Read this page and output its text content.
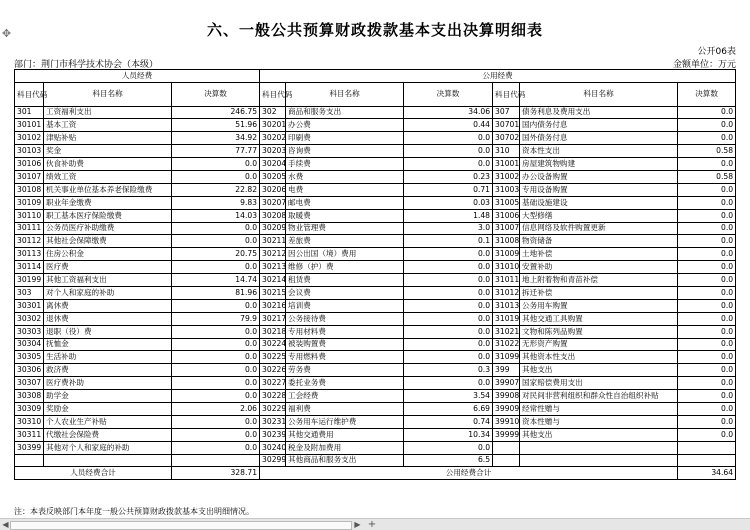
✥	六、一般公共预算财政拨款基本支出决算明细表
公开06表
部门：荆门市科学技术协会（本级）	金额单位：万元
人员经费			公用经费					
科目代码	科目名称	决算数	科目代码	科目名称	决算数	科目代码	科目名称	决算数
301	工资福利支出	246.75	302	商品和服务支出	34.06	307	债务利息及费用支出	0.0
30101	基本工资	51.96	30201	办公费	0.44	30701	国内债务付息	0.0
30102	津贴补贴	34.92	30202	印刷费	0.0	30702	国外债务付息	0.0
30103	奖金	77.77	30203	咨询费	0.0	310	资本性支出	0.58
30106	伙食补助费	0.0	30204	手续费	0.0	31001	房屋建筑物购建	0.0
30107	绩效工资	0.0	30205	水费	0.23	31002	办公设备购置	0.58
30108	机关事业单位基本养老保险缴费	22.82	30206	电费	0.71	31003	专用设备购置	0.0
30109	职业年金缴费	9.83	30207	邮电费	0.03	31005	基础设施建设	0.0
30110	职工基本医疗保险缴费	14.03	30208	取暖费	1.48	31006	大型修缮	0.0
30111	公务员医疗补助缴费	0.0	30209	物业管理费	3.0	31007	信息网络及软件购置更新	0.0
30112	其他社会保障缴费	0.0	30211	差旅费	0.1	31008	物资储备	0.0
30113	住房公积金	20.75	30212	因公出国（境）费用	0.0	31009	土地补偿	0.0
30114	医疗费	0.0	30213	维修（护）费	0.0	31010	安置补助	0.0
30199	其他工资福利支出	14.74	30214	租赁费	0.0	31011	地上附着物和青苗补偿	0.0
303	对个人和家庭的补助	81.96	30215	会议费	0.0	31012	拆迁补偿	0.0
30301	离休费	0.0	30216	培训费	0.0	31013	公务用车购置	0.0
30302	退休费	79.9	30217	公务接待费	0.0	31019	其他交通工具购置	0.0
30303	退职（役）费	0.0	30218	专用材料费	0.0	31021	文物和陈列品购置	0.0
30304	抚恤金	0.0	30224	被装购置费	0.0	31022	无形资产购置	0.0
30305	生活补助	0.0	30225	专用燃料费	0.0	31099	其他资本性支出	0.0
30306	救济费	0.0	30226	劳务费	0.3	399	其他支出	0.0
30307	医疗费补助	0.0	30227	委托业务费	0.0	39907	国家赔偿费用支出	0.0
30308	助学金	0.0	30228	工会经费	3.54	39908	对民间非营利组织和群众性自治组织补贴	0.0
30309	奖励金	2.06	30229	福利费	6.69	39909	经常性赠与	0.0
30310	个人农业生产补贴	0.0	30231	公务用车运行维护费	0.74	39910	资本性赠与	0.0
30311	代缴社会保险费	0.0	30239	其他交通费用	10.34	39999	其他支出	0.0
30399	其他对个人和家庭的补助	0.0	30240	税金及附加费用	0.0			
			30299	其他商品和服务支出	6.5			
人员经费合计		328.71	公用经费合计					34.64
注：本表反映部门本年度一般公共预算财政拨款基本支出明细情况。
◀	▶ +
